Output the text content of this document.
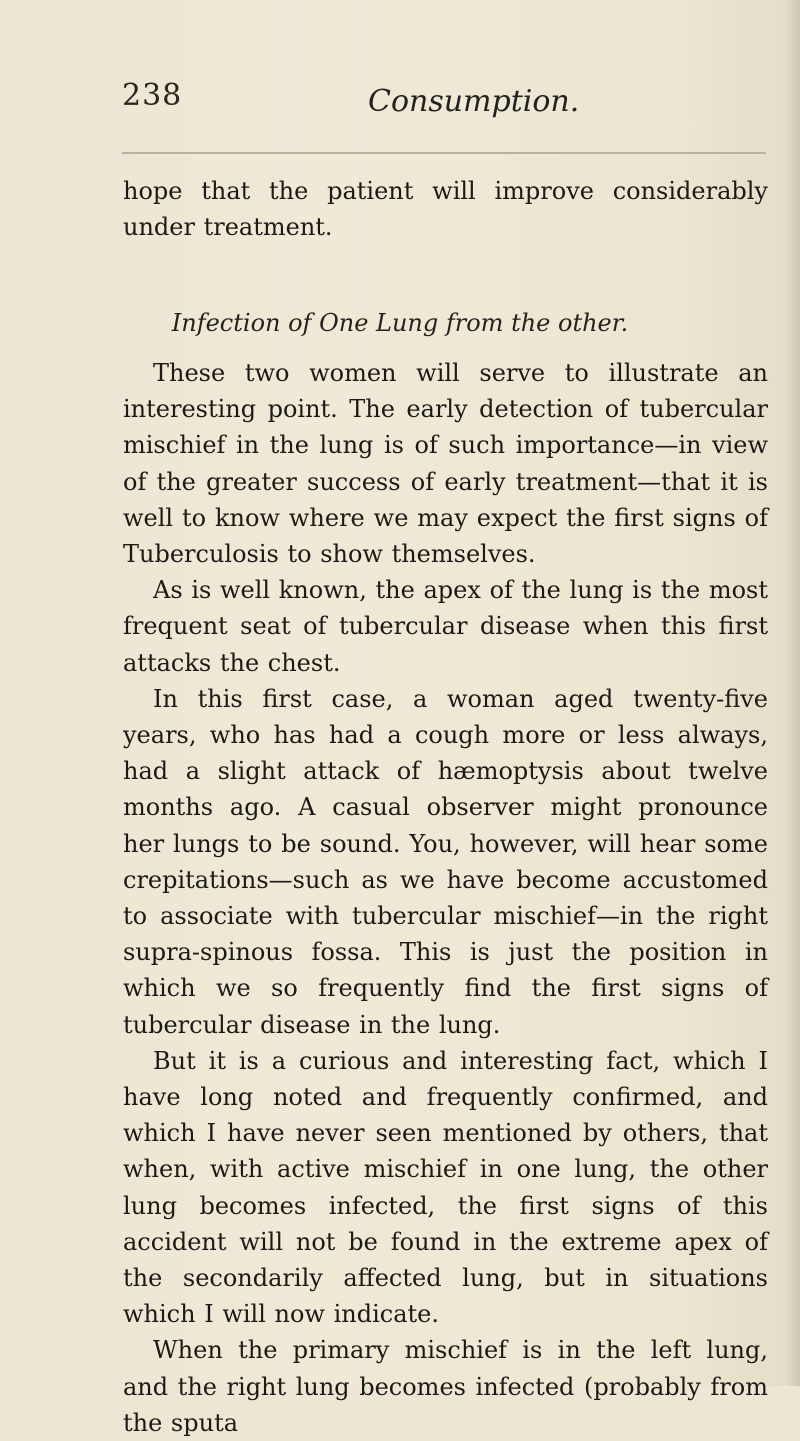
238	Consumption.

hope that the patient will improve considerably under treatment.

Infection of One Lung from the other.

These two women will serve to illustrate an interesting point. The early detection of tubercular mischief in the lung is of such importance—in view of the greater success of early treatment—that it is well to know where we may expect the first signs of Tuberculosis to show themselves.

As is well known, the apex of the lung is the most frequent seat of tubercular disease when this first attacks the chest.

In this first case, a woman aged twenty-five years, who has had a cough more or less always, had a slight attack of hæmoptysis about twelve months ago. A casual observer might pronounce her lungs to be sound. You, however, will hear some crepitations—such as we have become accustomed to associate with tubercular mischief—in the right supra-spinous fossa. This is just the position in which we so frequently find the first signs of tubercular disease in the lung.

But it is a curious and interesting fact, which I have long noted and frequently confirmed, and which I have never seen mentioned by others, that when, with active mischief in one lung, the other lung becomes infected, the first signs of this accident will not be found in the extreme apex of the secondarily affected lung, but in situations which I will now indicate.

When the primary mischief is in the left lung, and the right lung becomes infected (probably from the sputa
